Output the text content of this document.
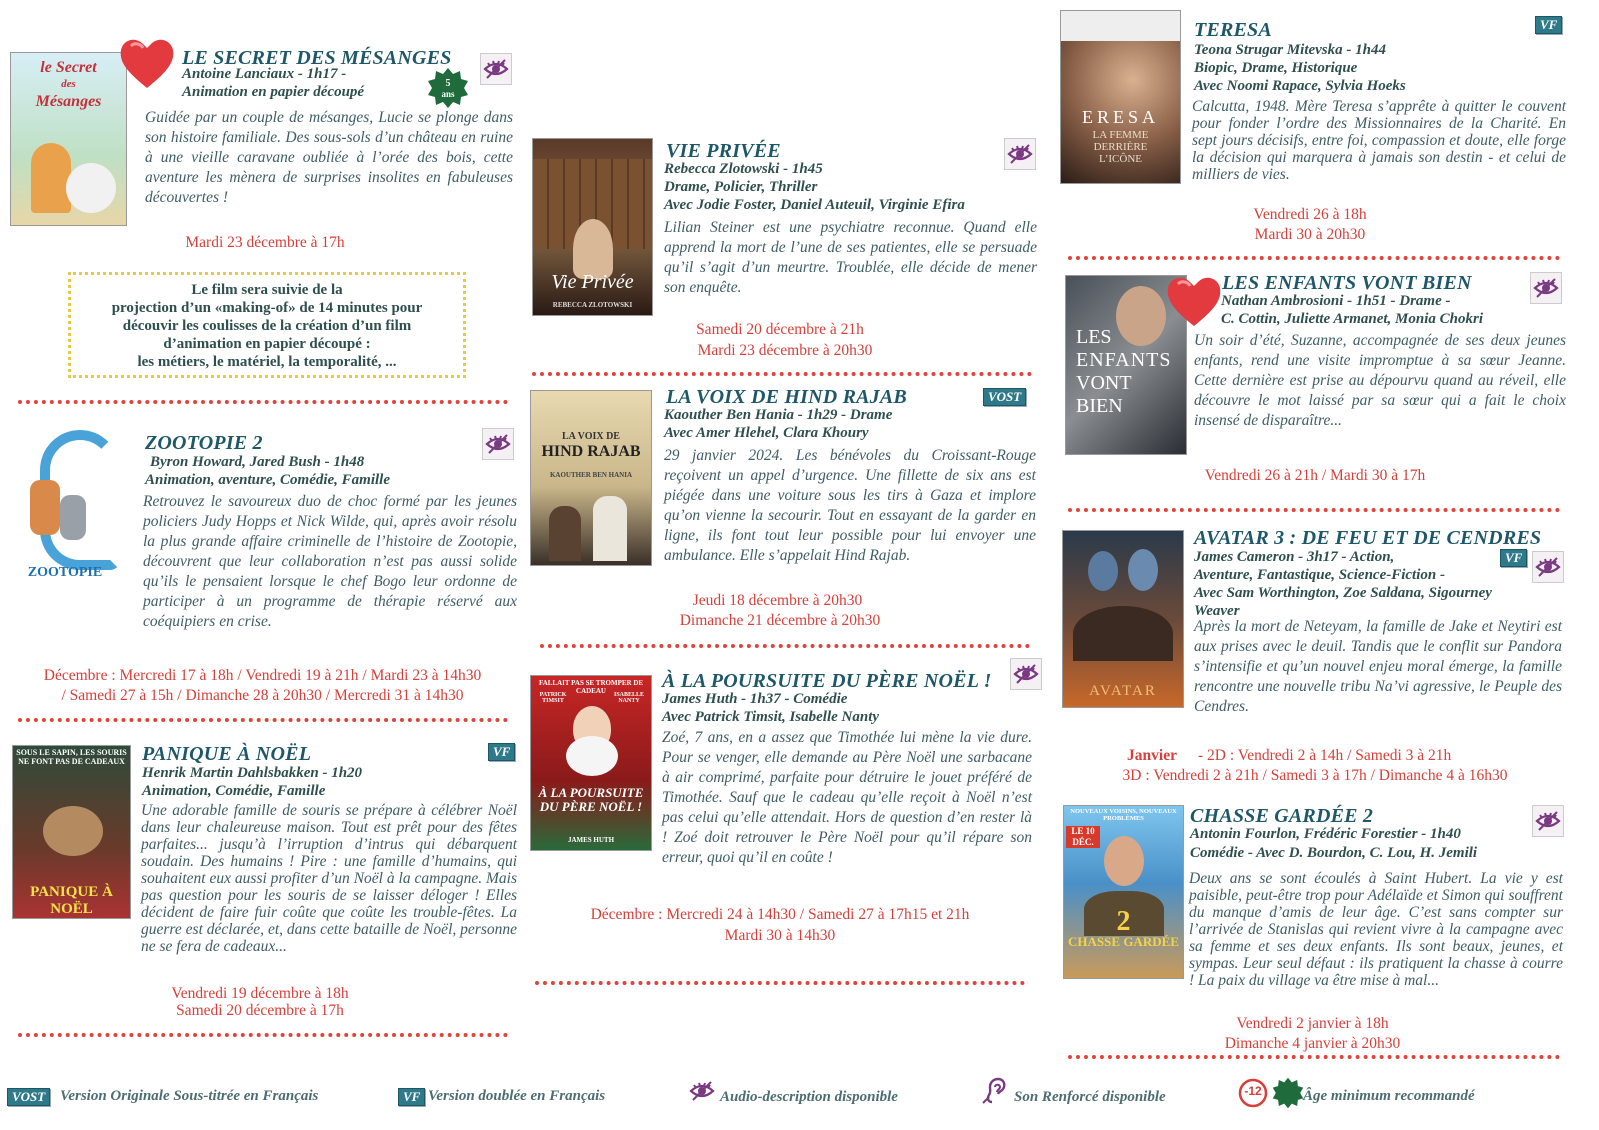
le Secret
des
Mésanges
LE SECRET DES MÉSANGES
Antoine Lanciaux - 1h17 -
Animation en papier découpé
5
ans
Guidée par un couple de mésanges, Lucie se plonge dans son histoire familiale. Des sous-sols d’un château en ruine à une vieille caravane oubliée à l’orée des bois, cette aventure les mènera de surprises insolites en fabuleuses découvertes !
Mardi 23 décembre à 17h
Le film sera suivie de la
projection d’un «making-of» de 14 minutes pour
découvir les coulisses de la création d’un film
d’animation en papier découpé :
les métiers, le matériel, la temporalité, ...
ZOOTOPIE
ZOOTOPIE 2
Byron Howard, Jared Bush - 1h48
Animation, aventure, Comédie, Famille
Retrouvez le savoureux duo de choc formé par les jeunes policiers Judy Hopps et Nick Wilde, qui, après avoir résolu la plus grande affaire criminelle de l’histoire de Zootopie, découvrent que leur collaboration n’est pas aussi solide qu’ils le pensaient lorsque le chef Bogo leur ordonne de participer à un programme de thérapie réservé aux coéquipiers en crise.
Décembre : Mercredi 17 à 18h / Vendredi 19 à 21h / Mardi 23 à 14h30
/ Samedi 27 à 15h / Dimanche 28 à 20h30 / Mercredi 31 à 14h30
SOUS LE SAPIN, LES SOURIS
NE FONT PAS DE CADEAUX
PANIQUE À NOËL
PANIQUE À NOËL	VF
Henrik Martin Dahlsbakken - 1h20
Animation, Comédie, Famille
Une adorable famille de souris se prépare à célébrer Noël dans leur chaleureuse maison. Tout est prêt pour des fêtes parfaites... jusqu’à l’irruption d’intrus qui débarquent soudain. Des humains ! Pire : une famille d’humains, qui souhaitent eux aussi profiter d’un Noël à la campagne. Mais pas question pour les souris de se laisser déloger ! Elles décident de faire fuir coûte que coûte les trouble-fêtes. La guerre est déclarée, et, dans cette bataille de Noël, personne ne se fera de cadeaux...
Vendredi 19 décembre à 18h
Samedi 20 décembre à 17h
Vie Privée
REBECCA ZLOTOWSKI
VIE PRIVÉE
Rebecca Zlotowski - 1h45
Drame, Policier, Thriller
Avec Jodie Foster, Daniel Auteuil, Virginie Efira
Lilian Steiner est une psychiatre reconnue. Quand elle apprend la mort de l’une de ses patientes, elle se persuade qu’il s’agit d’un meurtre. Troublée, elle décide de mener son enquête.
Samedi 20 décembre à 21h
Mardi 23 décembre à 20h30
LA VOIX DE
HIND RAJAB
KAOUTHER BEN HANIA
LA VOIX DE HIND RAJAB	VOST
Kaouther Ben Hania - 1h29 - Drame
Avec Amer Hlehel, Clara Khoury
29 janvier 2024. Les bénévoles du Croissant-Rouge reçoivent un appel d’urgence. Une fillette de six ans est piégée dans une voiture sous les tirs à Gaza et implore qu’on vienne la secourir. Tout en essayant de la garder en ligne, ils font tout leur possible pour lui envoyer une ambulance. Elle s’appelait Hind Rajab.
Jeudi 18 décembre à 20h30
Dimanche 21 décembre à 20h30
FALLAIT PAS SE TROMPER DE CADEAU
PATRICK TIMSIT
ISABELLE NANTY
À LA POURSUITE DU PÈRE NOËL !
JAMES HUTH
À LA POURSUITE DU PÈRE NOËL !
James Huth - 1h37 - Comédie
Avec Patrick Timsit, Isabelle Nanty
Zoé, 7 ans, en a assez que Timothée lui mène la vie dure. Pour se venger, elle demande au Père Noël une sarbacane à air comprimé, parfaite pour détruire le jouet préféré de Timothée. Sauf que le cadeau qu’elle reçoit à Noël n’est pas celui qu’elle attendait. Hors de question d’en rester là ! Zoé doit retrouver le Père Noël pour qu’il répare son erreur, quoi qu’il en coûte !
Décembre : Mercredi 24 à 14h30 / Samedi 27 à 17h15 et 21h
Mardi 30 à 14h30
ERESA
LA FEMME
DERRIÈRE
L’ICÔNE
TERESA	VF
Teona Strugar Mitevska - 1h44
Biopic, Drame, Historique
Avec Noomi Rapace, Sylvia Hoeks
Calcutta, 1948. Mère Teresa s’apprête à quitter le couvent pour fonder l’ordre des Missionnaires de la Charité. En sept jours décisifs, entre foi, compassion et doute, elle forge la décision qui marquera à jamais son destin - et celui de milliers de vies.
Vendredi 26 à 18h
Mardi 30 à 20h30
LES
ENFANTS
VONT
BIEN
LES ENFANTS VONT BIEN
Nathan Ambrosioni - 1h51 - Drame -
C. Cottin, Juliette Armanet, Monia Chokri
Un soir d’été, Suzanne, accompagnée de ses deux jeunes enfants, rend une visite impromptue à sa sœur Jeanne. Cette dernière est prise au dépourvu quand au réveil, elle découvre le mot laissé par sa sœur qui a fait le choix insensé de disparaître...
Vendredi 26 à 21h / Mardi 30 à 17h
AVATAR
AVATAR 3 : DE FEU ET DE CENDRES
VF
James Cameron - 3h17 - Action,
Aventure, Fantastique, Science-Fiction -
Avec Sam Worthington, Zoe Saldana, Sigourney
Weaver
Après la mort de Neteyam, la famille de Jake et Neytiri est aux prises avec le deuil. Tandis que le conflit sur Pandora s’intensifie et qu’un nouvel enjeu moral émerge, la famille rencontre une nouvelle tribu Na’vi agressive, le Peuple des Cendres.
Janvier	- 2D : Vendredi 2 à 14h / Samedi 3 à 21h
3D : Vendredi 2 à 21h / Samedi 3 à 17h / Dimanche 4 à 16h30
NOUVEAUX VOISINS, NOUVEAUX PROBLÈMES
LE 10 DÉC.
CHASSE GARDÉE
2
CHASSE GARDÉE 2
Antonin Fourlon, Frédéric Forestier - 1h40
Comédie - Avec D. Bourdon, C. Lou, H. Jemili
Deux ans se sont écoulés à Saint Hubert. La vie y est paisible, peut-être trop pour Adélaïde et Simon qui souffrent du manque d’amis de leur âge. C’est sans compter sur l’arrivée de Stanislas qui revient vivre à la campagne avec sa femme et ses deux enfants. Ils sont beaux, jeunes, et sympas. Leur seul défaut : ils pratiquent la chasse à courre ! La paix du village va être mise à mal...
Vendredi 2 janvier à 18h
Dimanche 4 janvier à 20h30
VOST Version Originale Sous-titrée en Français	VF Version doublée en Français	Audio-description disponible	Son Renforcé disponible	-12	Âge minimum recommandé
